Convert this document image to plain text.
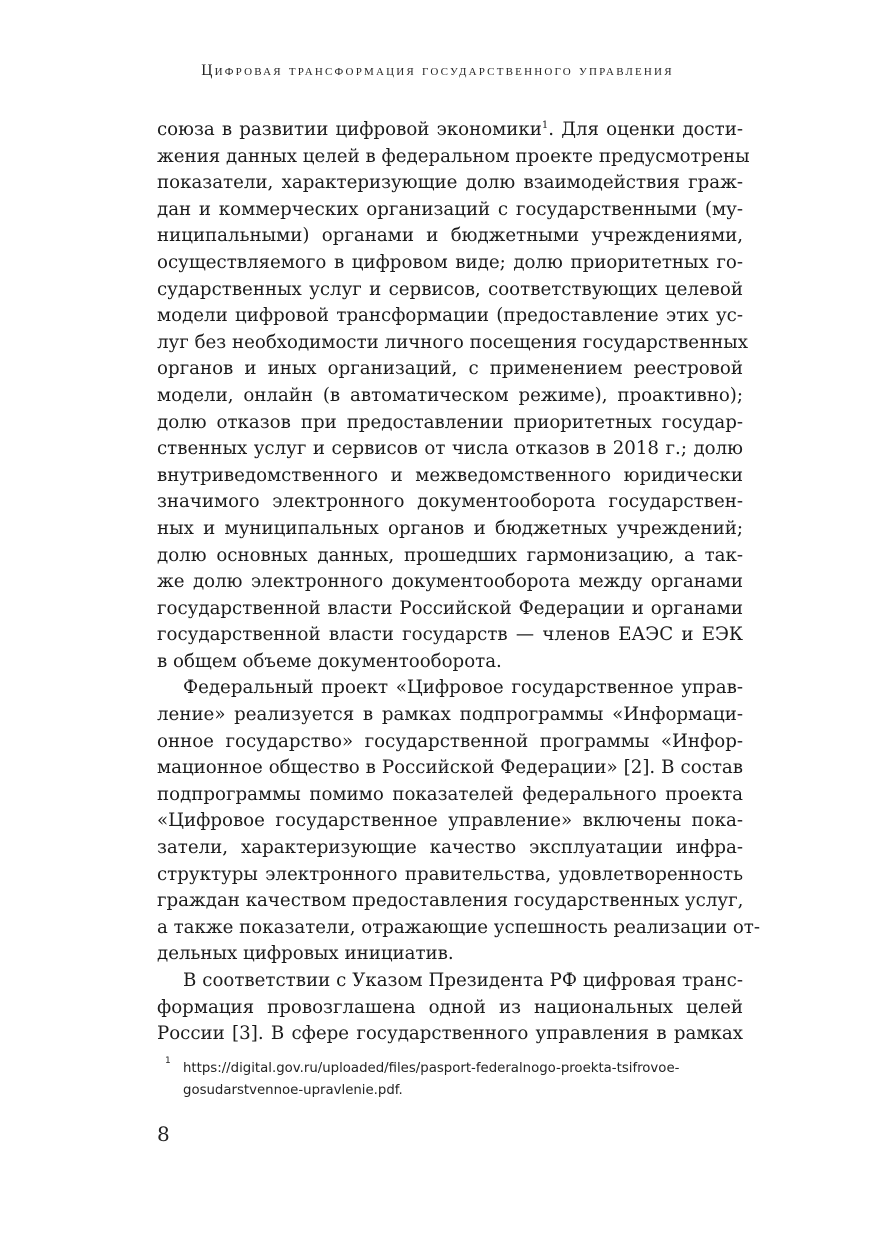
Цифровая трансформация государственного управления
союза в развитии цифровой экономики$^1$. Для оценки дости-
жения данных целей в федеральном проекте предусмотрены
показатели, характеризующие долю взаимодействия граж-
дан и коммерческих организаций с государственными (му-
ниципальными) органами и бюджетными учреждениями,
осуществляемого в цифровом виде; долю приоритетных го-
сударственных услуг и сервисов, соответствующих целевой
модели цифровой трансформации (предоставление этих ус-
луг без необходимости личного посещения государственных
органов и иных организаций, с применением реестровой
модели, онлайн (в автоматическом режиме), проактивно);
долю отказов при предоставлении приоритетных государ-
ственных услуг и сервисов от числа отказов в 2018 г.; долю
внутриведомственного и межведомственного юридически
значимого электронного документооборота государствен-
ных и муниципальных органов и бюджетных учреждений;
долю основных данных, прошедших гармонизацию, а так-
же долю электронного документооборота между органами
государственной власти Российской Федерации и органами
государственной власти государств — членов ЕАЭС и ЕЭК
в общем объеме документооборота.
Федеральный проект «Цифровое государственное управ-
ление» реализуется в рамках подпрограммы «Информаци-
онное государство» государственной программы «Инфор-
мационное общество в Российской Федерации» [2]. В состав
подпрограммы помимо показателей федерального проекта
«Цифровое государственное управление» включены пока-
затели, характеризующие качество эксплуатации инфра-
структуры электронного правительства, удовлетворенность
граждан качеством предоставления государственных услуг,
а также показатели, отражающие успешность реализации от-
дельных цифровых инициатив.
В соответствии с Указом Президента РФ цифровая транс-
формация провозглашена одной из национальных целей
России [3]. В сфере государственного управления в рамках
1 https://digital.gov.ru/uploaded/files/pasport-federalnogo-proekta-tsifrovoe-
gosudarstvennoe-upravlenie.pdf.
8
